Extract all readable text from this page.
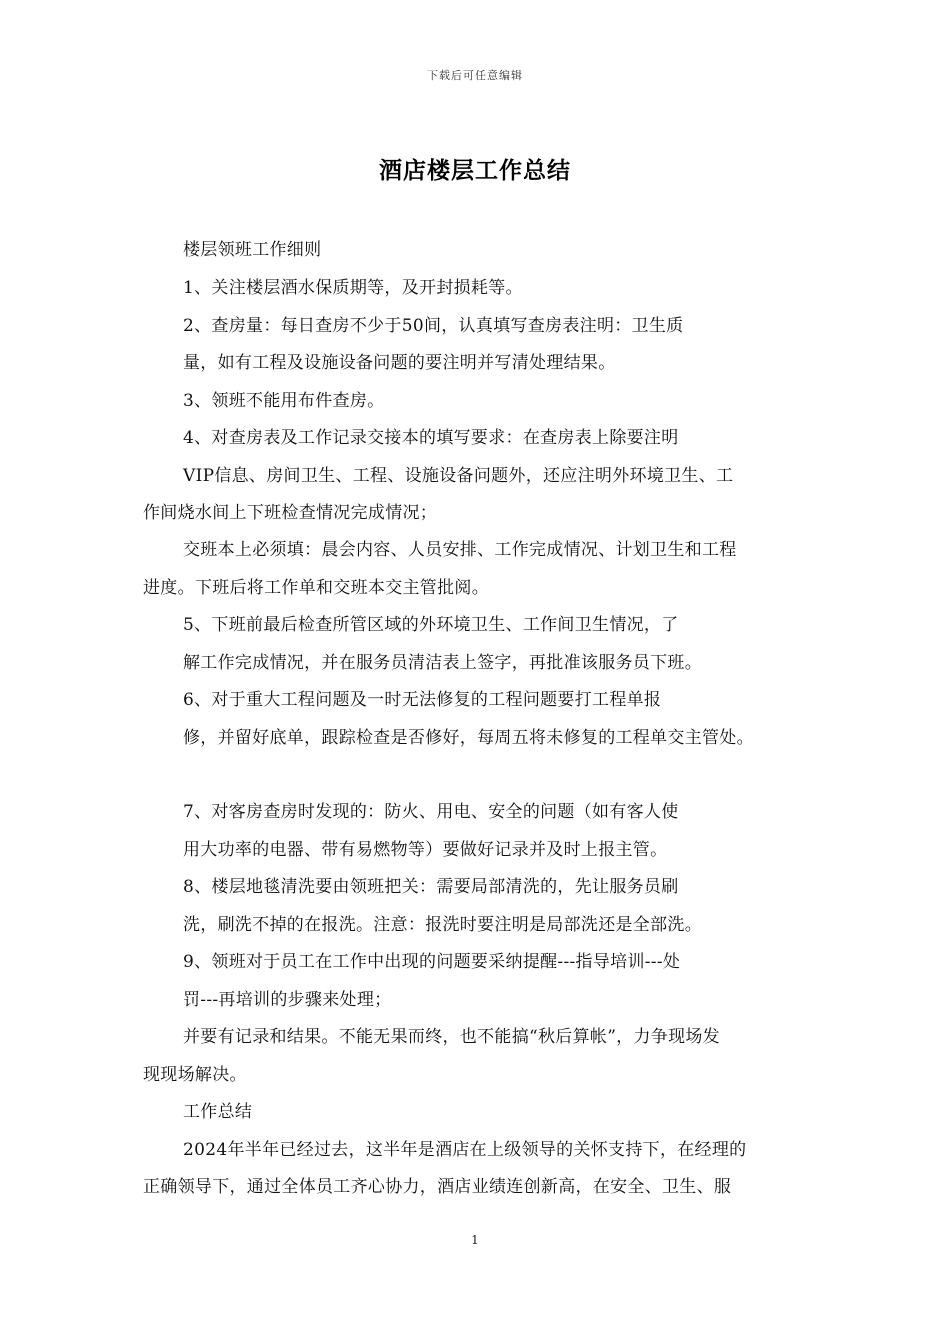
下载后可任意编辑
酒店楼层工作总结
楼层领班工作细则
1、关注楼层酒水保质期等，及开封损耗等。
2、查房量：每日查房不少于50间，认真填写查房表注明：卫生质
量，如有工程及设施设备问题的要注明并写清处理结果。
3、领班不能用布件查房。
4、对查房表及工作记录交接本的填写要求：在查房表上除要注明
VIP信息、房间卫生、工程、设施设备问题外，还应注明外环境卫生、工
作间烧水间上下班检查情况完成情况；
交班本上必须填：晨会内容、人员安排、工作完成情况、计划卫生和工程
进度。下班后将工作单和交班本交主管批阅。
5、下班前最后检查所管区域的外环境卫生、工作间卫生情况，了
解工作完成情况，并在服务员清洁表上签字，再批准该服务员下班。
6、对于重大工程问题及一时无法修复的工程问题要打工程单报
修，并留好底单，跟踪检查是否修好，每周五将未修复的工程单交主管处。
7、对客房查房时发现的：防火、用电、安全的问题（如有客人使
用大功率的电器、带有易燃物等）要做好记录并及时上报主管。
8、楼层地毯清洗要由领班把关：需要局部清洗的，先让服务员刷
洗，刷洗不掉的在报洗。注意：报洗时要注明是局部洗还是全部洗。
9、领班对于员工在工作中出现的问题要采纳提醒---指导培训---处
罚---再培训的步骤来处理；
并要有记录和结果。不能无果而终，也不能搞“秋后算帐”，力争现场发
现现场解决。
工作总结
2024年半年已经过去，这半年是酒店在上级领导的关怀支持下，在经理的
正确领导下，通过全体员工齐心协力，酒店业绩连创新高，在安全、卫生、服
1
